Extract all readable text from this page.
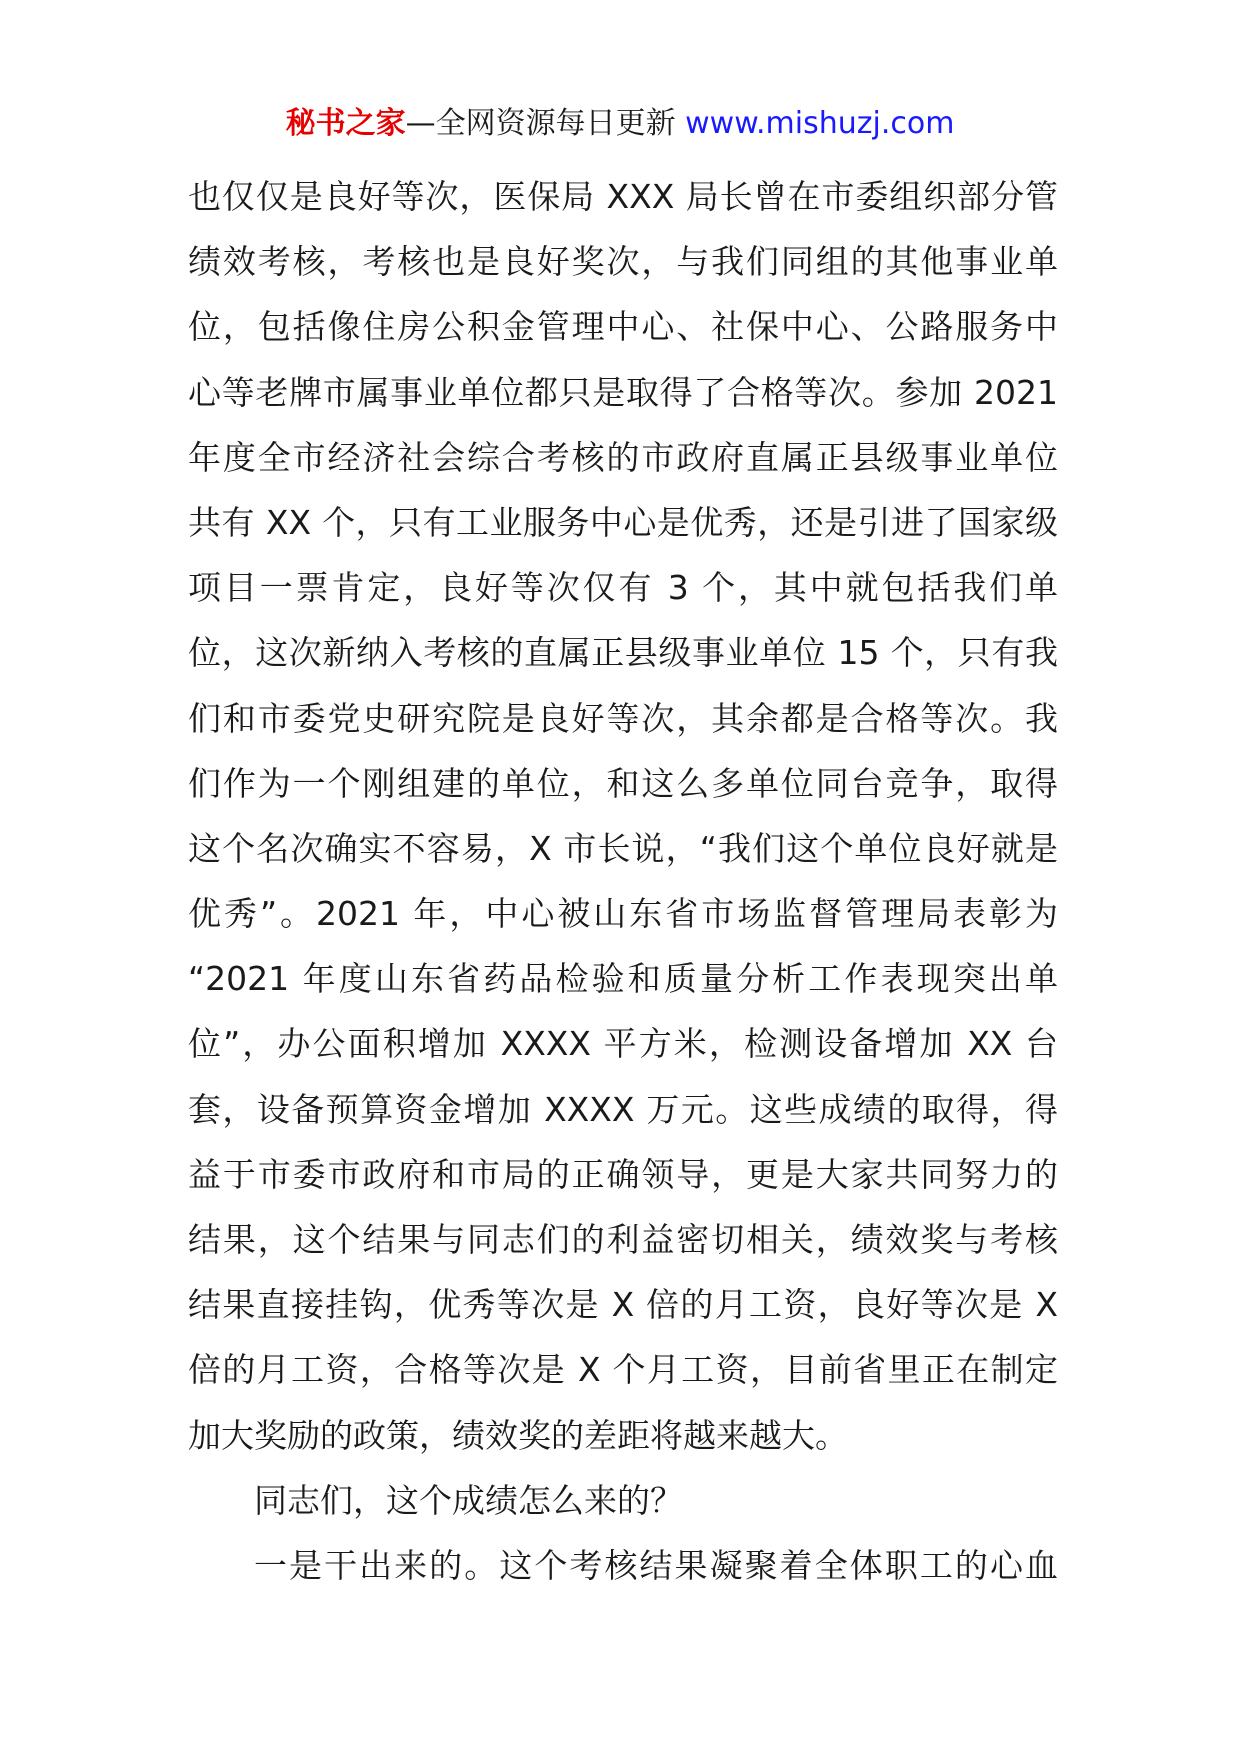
秘书之家—全网资源每日更新 www.mishuzj.com
也仅仅是良好等次，医保局 XXX 局长曾在市委组织部分管
绩效考核，考核也是良好奖次，与我们同组的其他事业单
位，包括像住房公积金管理中心、社保中心、公路服务中
心等老牌市属事业单位都只是取得了合格等次。参加 2021
年度全市经济社会综合考核的市政府直属正县级事业单位
共有 XX 个，只有工业服务中心是优秀，还是引进了国家级
项目一票肯定，良好等次仅有 3 个，其中就包括我们单
位，这次新纳入考核的直属正县级事业单位 15 个，只有我
们和市委党史研究院是良好等次，其余都是合格等次。我
们作为一个刚组建的单位，和这么多单位同台竞争，取得
这个名次确实不容易，X 市长说，“我们这个单位良好就是
优秀”。2021 年，中心被山东省市场监督管理局表彰为
“2021 年度山东省药品检验和质量分析工作表现突出单
位”，办公面积增加 XXXX 平方米，检测设备增加 XX 台
套，设备预算资金增加 XXXX 万元。这些成绩的取得，得
益于市委市政府和市局的正确领导，更是大家共同努力的
结果，这个结果与同志们的利益密切相关，绩效奖与考核
结果直接挂钩，优秀等次是 X 倍的月工资，良好等次是 X
倍的月工资，合格等次是 X 个月工资，目前省里正在制定
加大奖励的政策，绩效奖的差距将越来越大。
同志们，这个成绩怎么来的？
一是干出来的。这个考核结果凝聚着全体职工的心血
